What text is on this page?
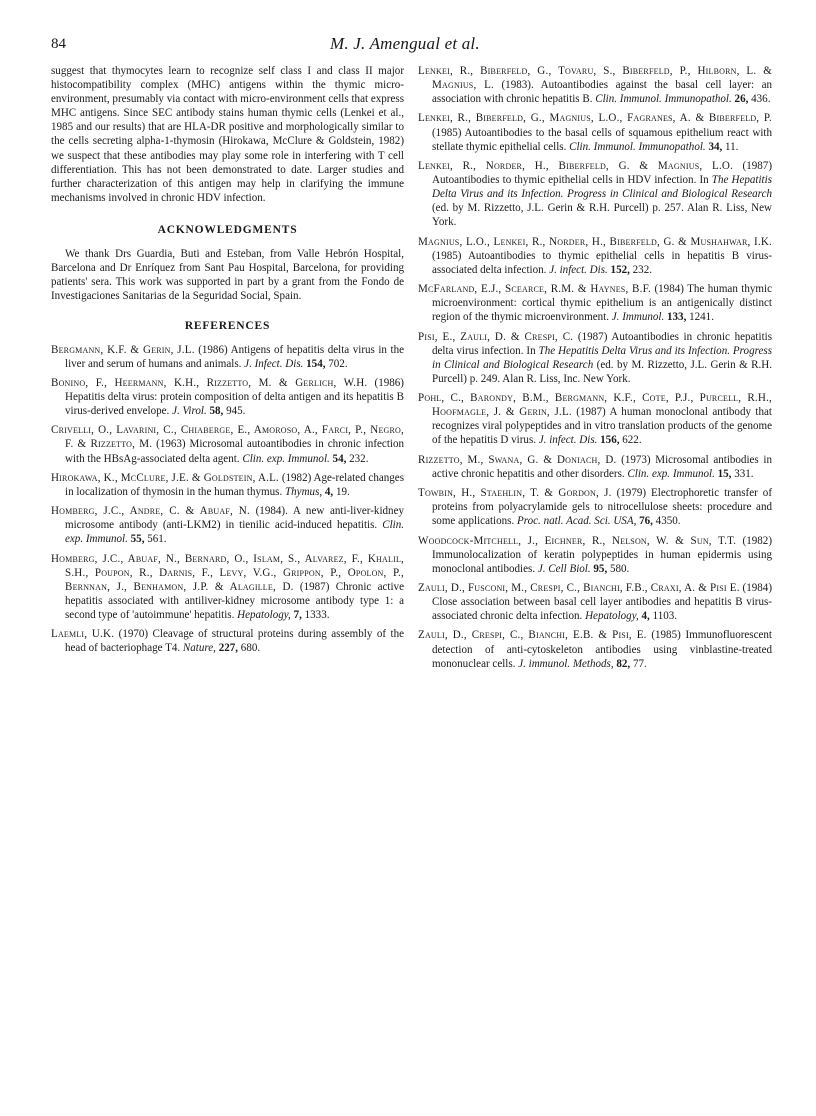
84	M. J. Amengual et al.

suggest that thymocytes learn to recognize self class I and class II major histocompatibility complex (MHC) antigens within the thymic micro-environment, presumably via contact with micro-environment cells that express MHC antigens. Since SEC antibody stains human thymic cells (Lenkei et al., 1985 and our results) that are HLA-DR positive and morphologically similar to the cells secreting alpha-1-thymosin (Hirokawa, McClure & Goldstein, 1982) we suspect that these antibodies may play some role in interfering with T cell differentiation. This has not been demonstrated to date. Larger studies and further characterization of this antigen may help in clarifying the immune mechanisms involved in chronic HDV infection.

ACKNOWLEDGMENTS

We thank Drs Guardia, Buti and Esteban, from Valle Hebrón Hospital, Barcelona and Dr Enríquez from Sant Pau Hospital, Barcelona, for providing patients' sera. This work was supported in part by a grant from the Fondo de Investigaciones Sanitarias de la Seguridad Social, Spain.

REFERENCES
Bergmann, K.F. & Gerin, J.L. (1986) Antigens of hepatitis delta virus in the liver and serum of humans and animals. J. Infect. Dis. 154, 702.
Bonino, F., Heermann, K.H., Rizzetto, M. & Gerlich, W.H. (1986) Hepatitis delta virus: protein composition of delta antigen and its hepatitis B virus-derived envelope. J. Virol. 58, 945.
Crivelli, O., Lavarini, C., Chiaberge, E., Amoroso, A., Farci, P., Negro, F. & Rizzetto, M. (1963) Microsomal autoantibodies in chronic infection with the HBsAg-associated delta agent. Clin. exp. Immunol. 54, 232.
Hirokawa, K., McClure, J.E. & Goldstein, A.L. (1982) Age-related changes in localization of thymosin in the human thymus. Thymus, 4, 19.
Homberg, J.C., Andre, C. & Abuaf, N. (1984). A new anti-liver-kidney microsome antibody (anti-LKM2) in tienilic acid-induced hepatitis. Clin. exp. Immunol. 55, 561.
Homberg, J.C., Abuaf, N., Bernard, O., Islam, S., Alvarez, F., Khalil, S.H., Poupon, R., Darnis, F., Levy, V.G., Grippon, P., Opolon, P., Bernnan, J., Benhamon, J.P. & Alagille, D. (1987) Chronic active hepatitis associated with antiliver-kidney microsome antibody type 1: a second type of 'autoimmune' hepatitis. Hepatology, 7, 1333.
Laemli, U.K. (1970) Cleavage of structural proteins during assembly of the head of bacteriophage T4. Nature, 227, 680.
Lenkei, R., Biberfeld, G., Tovaru, S., Biberfeld, P., Hilborn, L. & Magnius, L. (1983). Autoantibodies against the basal cell layer: an association with chronic hepatitis B. Clin. Immunol. Immunopathol. 26, 436.
Lenkei, R., Biberfeld, G., Magnius, L.O., Fagranes, A. & Biberfeld, P. (1985) Autoantibodies to the basal cells of squamous epithelium react with stellate thymic epithelial cells. Clin. Immunol. Immunopathol. 34, 11.
Lenkei, R., Norder, H., Biberfeld, G. & Magnius, L.O. (1987) Autoantibodies to thymic epithelial cells in HDV infection. In The Hepatitis Delta Virus and its Infection. Progress in Clinical and Biological Research (ed. by M. Rizzetto, J.L. Gerin & R.H. Purcell) p. 257. Alan R. Liss, New York.
Magnius, L.O., Lenkei, R., Norder, H., Biberfeld, G. & Mushahwar, I.K. (1985) Autoantibodies to thymic epithelial cells in hepatitis B virus-associated delta infection. J. infect. Dis. 152, 232.
McFarland, E.J., Scearce, R.M. & Haynes, B.F. (1984) The human thymic microenvironment: cortical thymic epithelium is an antigenically distinct region of the thymic microenvironment. J. Immunol. 133, 1241.
Pisi, E., Zauli, D. & Crespi, C. (1987) Autoantibodies in chronic hepatitis delta virus infection. In The Hepatitis Delta Virus and its Infection. Progress in Clinical and Biological Research (ed. by M. Rizzetto, J.L. Gerin & R.H. Purcell) p. 249. Alan R. Liss, Inc. New York.
Pohl, C., Barondy, B.M., Bergmann, K.F., Cote, P.J., Purcell, R.H., Hoofmagle, J. & Gerin, J.L. (1987) A human monoclonal antibody that recognizes viral polypeptides and in vitro translation products of the genome of the hepatitis D virus. J. infect. Dis. 156, 622.
Rizzetto, M., Swana, G. & Doniach, D. (1973) Microsomal antibodies in active chronic hepatitis and other disorders. Clin. exp. Immunol. 15, 331.
Towbin, H., Staehlin, T. & Gordon, J. (1979) Electrophoretic transfer of proteins from polyacrylamide gels to nitrocellulose sheets: procedure and some applications. Proc. natl. Acad. Sci. USA, 76, 4350.
Woodcock-Mitchell, J., Eichner, R., Nelson, W. & Sun, T.T. (1982) Immunolocalization of keratin polypeptides in human epidermis using monoclonal antibodies. J. Cell Biol. 95, 580.
Zauli, D., Fusconi, M., Crespi, C., Bianchi, F.B., Craxi, A. & Pisi E. (1984) Close association between basal cell layer antibodies and hepatitis B virus-associated chronic delta infection. Hepatology, 4, 1103.
Zauli, D., Crespi, C., Bianchi, E.B. & Pisi, E. (1985) Immunofluorescent detection of anti-cytoskeleton antibodies using vinblastine-treated mononuclear cells. J. immunol. Methods, 82, 77.
